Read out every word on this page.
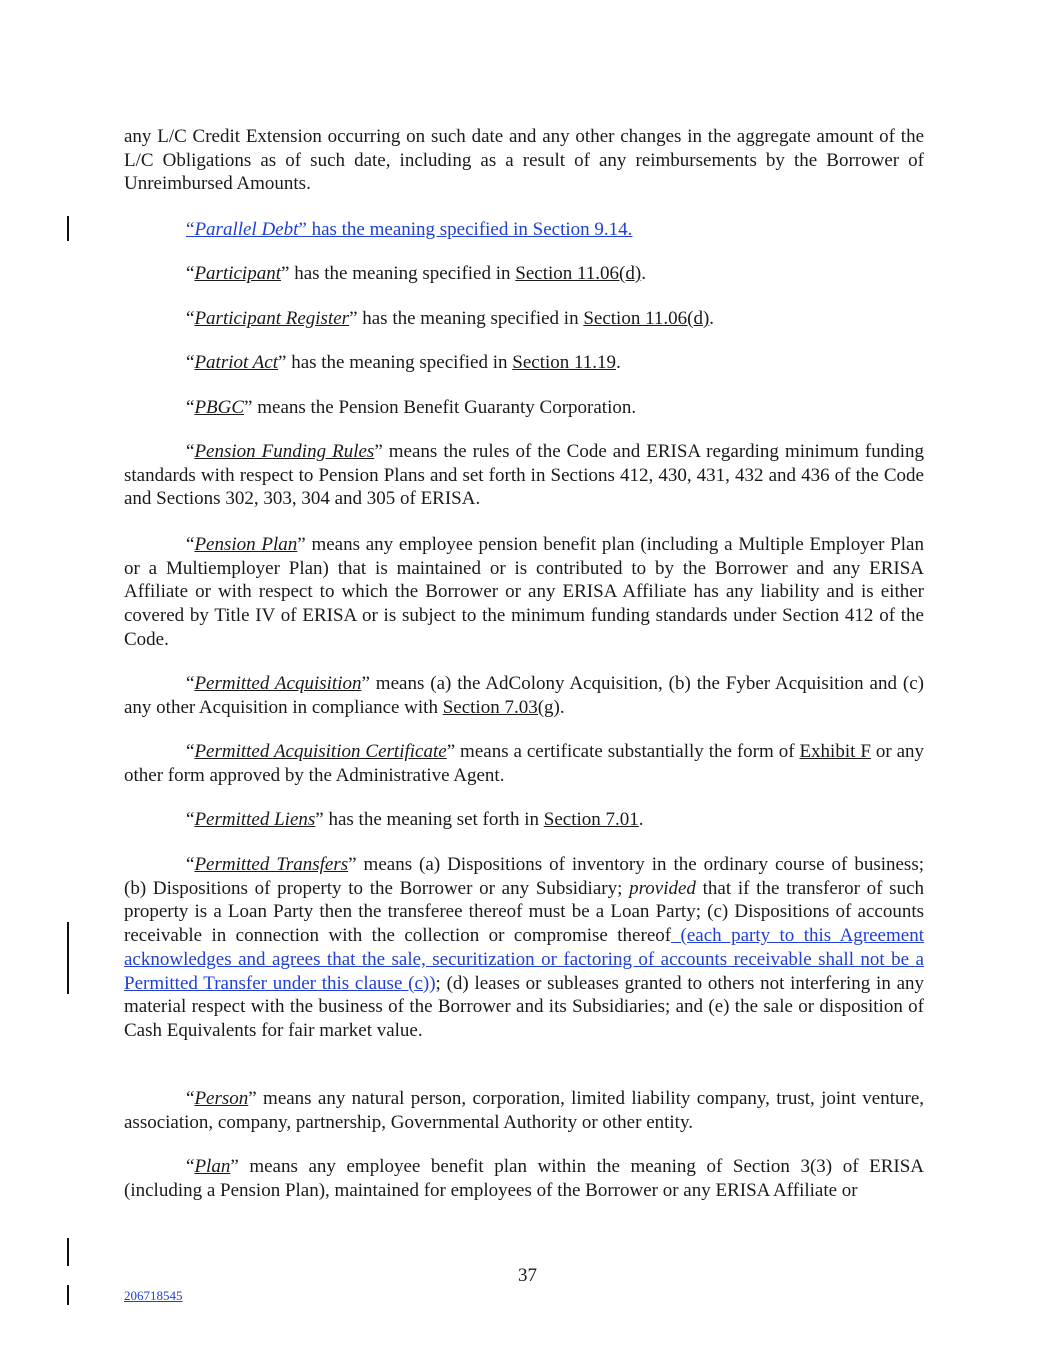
any L/C Credit Extension occurring on such date and any other changes in the aggregate amount of the L/C Obligations as of such date, including as a result of any reimbursements by the Borrower of Unreimbursed Amounts.

“Parallel Debt” has the meaning specified in Section 9.14.

“Participant” has the meaning specified in Section 11.06(d).

“Participant Register” has the meaning specified in Section 11.06(d).

“Patriot Act” has the meaning specified in Section 11.19.

“PBGC” means the Pension Benefit Guaranty Corporation.

“Pension Funding Rules” means the rules of the Code and ERISA regarding minimum funding standards with respect to Pension Plans and set forth in Sections 412, 430, 431, 432 and 436 of the Code and Sections 302, 303, 304 and 305 of ERISA.

“Pension Plan” means any employee pension benefit plan (including a Multiple Employer Plan or a Multiemployer Plan) that is maintained or is contributed to by the Borrower and any ERISA Affiliate or with respect to which the Borrower or any ERISA Affiliate has any liability and is either covered by Title IV of ERISA or is subject to the minimum funding standards under Section 412 of the Code.

“Permitted Acquisition” means (a) the AdColony Acquisition, (b) the Fyber Acquisition and (c) any other Acquisition in compliance with Section 7.03(g).

“Permitted Acquisition Certificate” means a certificate substantially the form of Exhibit F or any other form approved by the Administrative Agent.

“Permitted Liens” has the meaning set forth in Section 7.01.

“Permitted Transfers” means (a) Dispositions of inventory in the ordinary course of business; (b) Dispositions of property to the Borrower or any Subsidiary; provided that if the transferor of such property is a Loan Party then the transferee thereof must be a Loan Party; (c) Dispositions of accounts receivable in connection with the collection or compromise thereof (each party to this Agreement acknowledges and agrees that the sale, securitization or factoring of accounts receivable shall not be a Permitted Transfer under this clause (c)); (d) leases or subleases granted to others not interfering in any material respect with the business of the Borrower and its Subsidiaries; and (e) the sale or disposition of Cash Equivalents for fair market value.

“Person” means any natural person, corporation, limited liability company, trust, joint venture, association, company, partnership, Governmental Authority or other entity.

“Plan” means any employee benefit plan within the meaning of Section 3(3) of ERISA (including a Pension Plan), maintained for employees of the Borrower or any ERISA Affiliate or

37
206718545
